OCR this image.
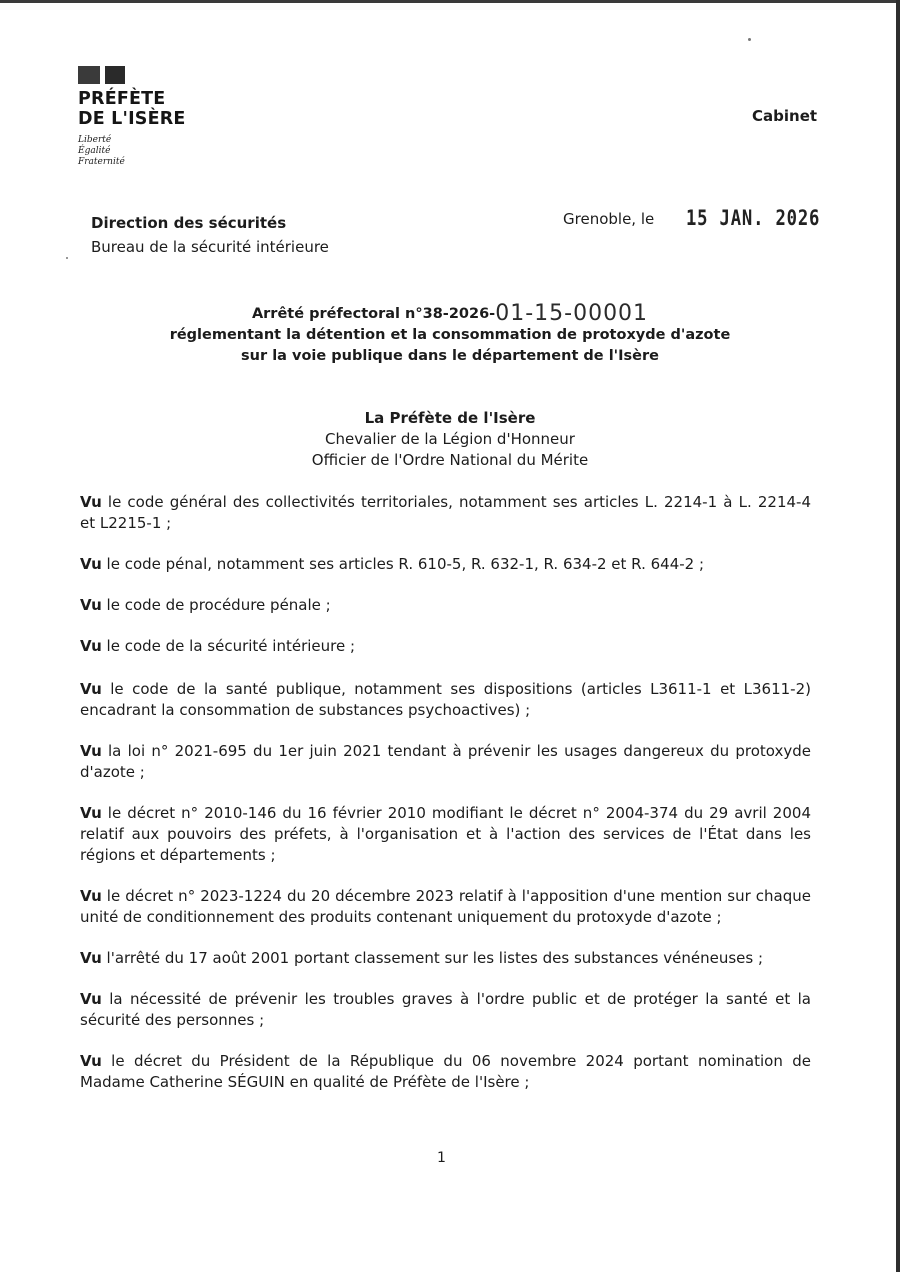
PRÉFÈTE
DE L'ISÈRE
Liberté
Égalité
Fraternité
Cabinet
Direction des sécurités
Bureau de la sécurité intérieure
Grenoble, le 15 JAN. 2026
Arrêté préfectoral n°38-2026-01-15-00001
réglementant la détention et la consommation de protoxyde d'azote
sur la voie publique dans le département de l'Isère
La Préfète de l'Isère
Chevalier de la Légion d'Honneur
Officier de l'Ordre National du Mérite

Vu le code général des collectivités territoriales, notamment ses articles L. 2214-1 à L. 2214-4 et L2215-1 ;

Vu le code pénal, notamment ses articles R. 610-5, R. 632-1, R. 634-2 et R. 644-2 ;

Vu le code de procédure pénale ;

Vu le code de la sécurité intérieure ;

Vu le code de la santé publique, notamment ses dispositions (articles L3611-1 et L3611-2) encadrant la consommation de substances psychoactives) ;

Vu la loi n° 2021-695 du 1er juin 2021 tendant à prévenir les usages dangereux du protoxyde d'azote ;

Vu le décret n° 2010-146 du 16 février 2010 modifiant le décret n° 2004-374 du 29 avril 2004 relatif aux pouvoirs des préfets, à l'organisation et à l'action des services de l'État dans les régions et départements ;

Vu le décret n° 2023-1224 du 20 décembre 2023 relatif à l'apposition d'une mention sur chaque unité de conditionnement des produits contenant uniquement du protoxyde d'azote ;

Vu l'arrêté du 17 août 2001 portant classement sur les listes des substances vénéneuses ;

Vu la nécessité de prévenir les troubles graves à l'ordre public et de protéger la santé et la sécurité des personnes ;

Vu le décret du Président de la République du 06 novembre 2024 portant nomination de Madame Catherine SÉGUIN en qualité de Préfète de l'Isère ;

1
